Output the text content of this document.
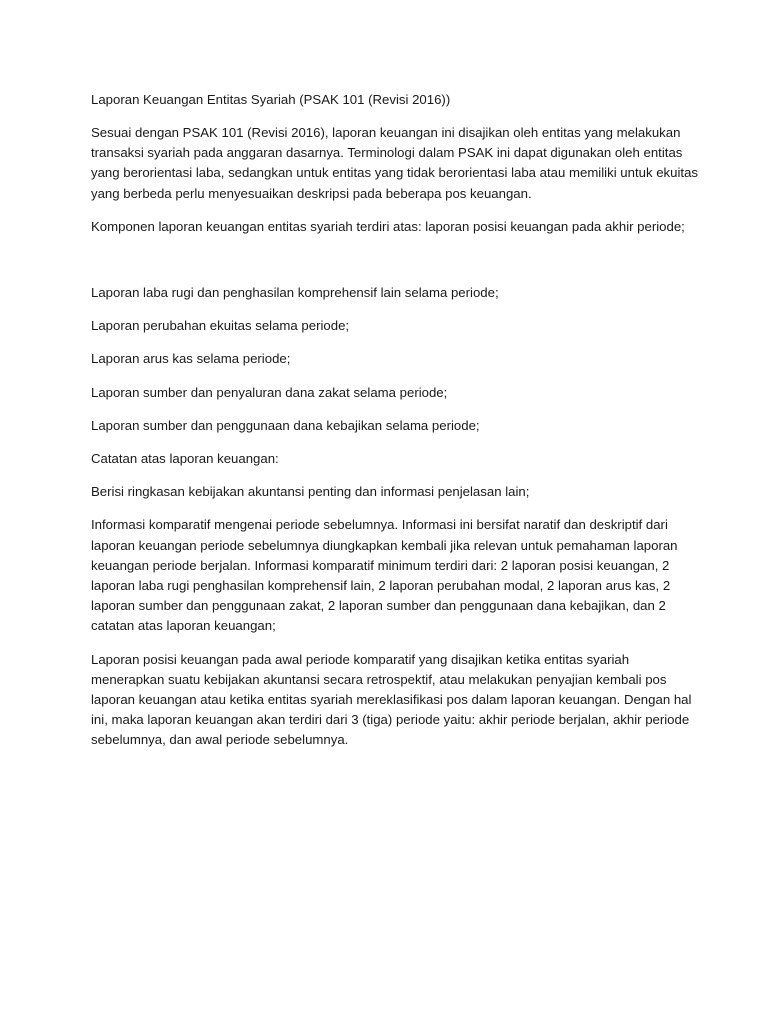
Laporan Keuangan Entitas Syariah (PSAK 101 (Revisi 2016))
Sesuai dengan PSAK 101 (Revisi 2016), laporan keuangan ini disajikan oleh entitas yang melakukan
transaksi syariah pada anggaran dasarnya. Terminologi dalam PSAK ini dapat digunakan oleh entitas
yang berorientasi laba, sedangkan untuk entitas yang tidak berorientasi laba atau memiliki untuk ekuitas
yang berbeda perlu menyesuaikan deskripsi pada beberapa pos keuangan.
Komponen laporan keuangan entitas syariah terdiri atas: laporan posisi keuangan pada akhir periode;
Laporan laba rugi dan penghasilan komprehensif lain selama periode;
Laporan perubahan ekuitas selama periode;
Laporan arus kas selama periode;
Laporan sumber dan penyaluran dana zakat selama periode;
Laporan sumber dan penggunaan dana kebajikan selama periode;
Catatan atas laporan keuangan:
Berisi ringkasan kebijakan akuntansi penting dan informasi penjelasan lain;
Informasi komparatif mengenai periode sebelumnya. Informasi ini bersifat naratif dan deskriptif dari
laporan keuangan periode sebelumnya diungkapkan kembali jika relevan untuk pemahaman laporan
keuangan periode berjalan. Informasi komparatif minimum terdiri dari: 2 laporan posisi keuangan, 2
laporan laba rugi penghasilan komprehensif lain, 2 laporan perubahan modal, 2 laporan arus kas, 2
laporan sumber dan penggunaan zakat, 2 laporan sumber dan penggunaan dana kebajikan, dan 2
catatan atas laporan keuangan;
Laporan posisi keuangan pada awal periode komparatif yang disajikan ketika entitas syariah
menerapkan suatu kebijakan akuntansi secara retrospektif, atau melakukan penyajian kembali pos
laporan keuangan atau ketika entitas syariah mereklasifikasi pos dalam laporan keuangan. Dengan hal
ini, maka laporan keuangan akan terdiri dari 3 (tiga) periode yaitu: akhir periode berjalan, akhir periode
sebelumnya, dan awal periode sebelumnya.
